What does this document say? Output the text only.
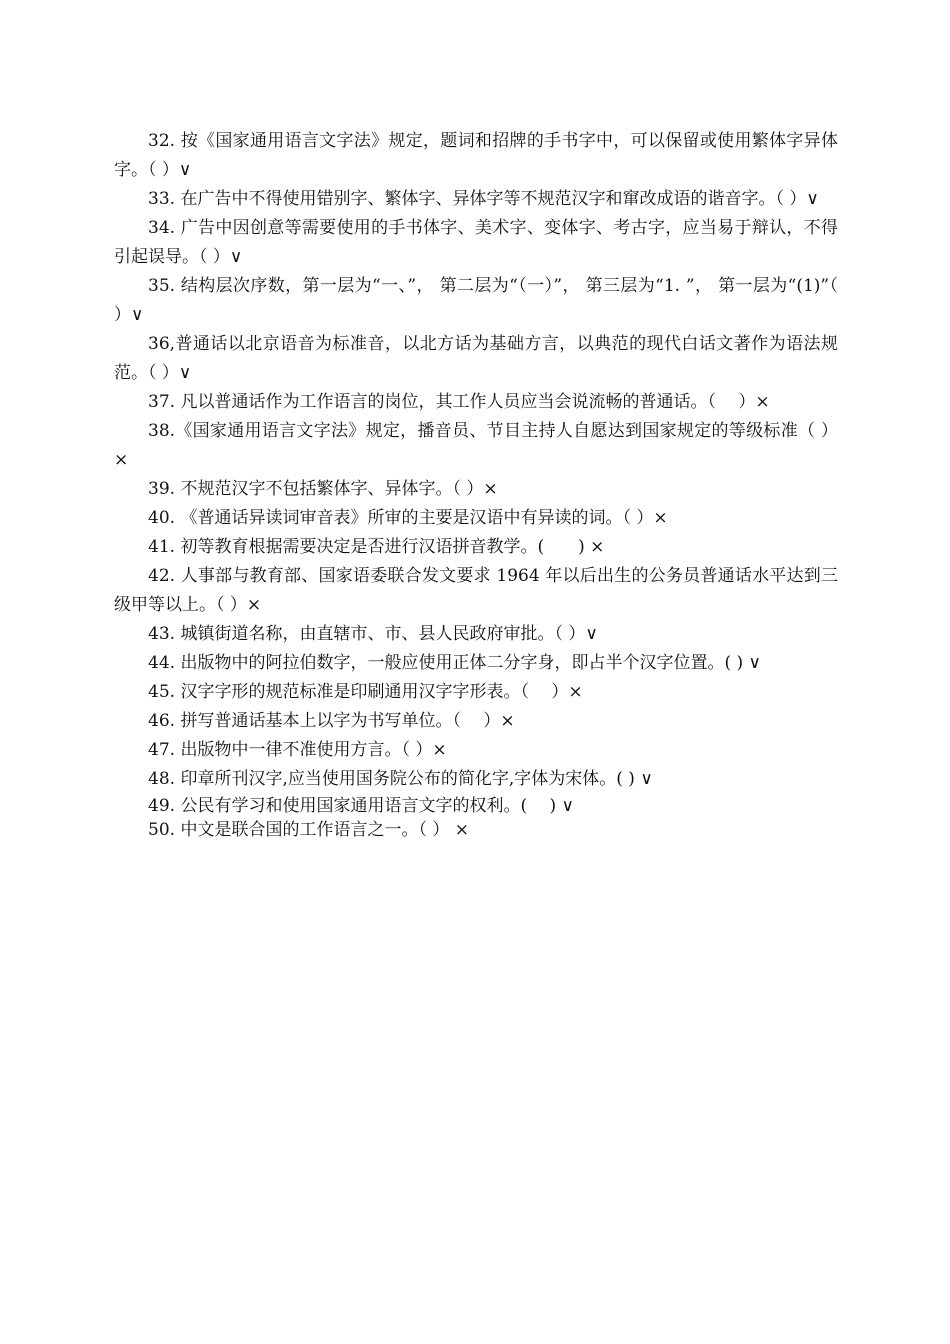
32. 按《国家通用语言文字法》规定，题词和招牌的手书字中，可以保留或使用繁体字异体字。（ ）∨

33. 在广告中不得使用错别字、繁体字、异体字等不规范汉字和窜改成语的谐音字。（ ）∨

34. 广告中因创意等需要使用的手书体字、美术字、变体字、考古字，应当易于辩认，不得引起误导。（ ）∨

35. 结构层次序数，第一层为“一、”， 第二层为“（一）”， 第三层为“1. ”， 第一层为“(1)”（　 ）∨

36,普通话以北京语音为标准音，以北方话为基础方言，以典范的现代白话文著作为语法规范。（ ）∨

37. 凡以普通话作为工作语言的岗位，其工作人员应当会说流畅的普通话。（　 ）×

38.《国家通用语言文字法》规定，播音员、节目主持人自愿达到国家规定的等级标准（ ）×

39. 不规范汉字不包括繁体字、异体字。（ ）×

40. 《普通话异读词审音表》所审的主要是汉语中有异读的词。（ ）×

41. 初等教育根据需要决定是否进行汉语拼音教学。(　　) ×

42. 人事部与教育部、国家语委联合发文要求 1964 年以后出生的公务员普通话水平达到三级甲等以上。（ ）×

43. 城镇街道名称，由直辖市、市、县人民政府审批。（ ）∨

44. 出版物中的阿拉伯数字，一般应使用正体二分字身，即占半个汉字位置。( ) ∨

45. 汉字字形的规范标准是印刷通用汉字字形表。（　 ）×

46. 拼写普通话基本上以字为书写单位。（　 ）×

47. 出版物中一律不准使用方言。（ ）×

48. 印章所刊汉字,应当使用国务院公布的简化字,字体为宋体。( ) ∨

49. 公民有学习和使用国家通用语言文字的权利。(　 ) ∨

50. 中文是联合国的工作语言之一。（ ） ×
